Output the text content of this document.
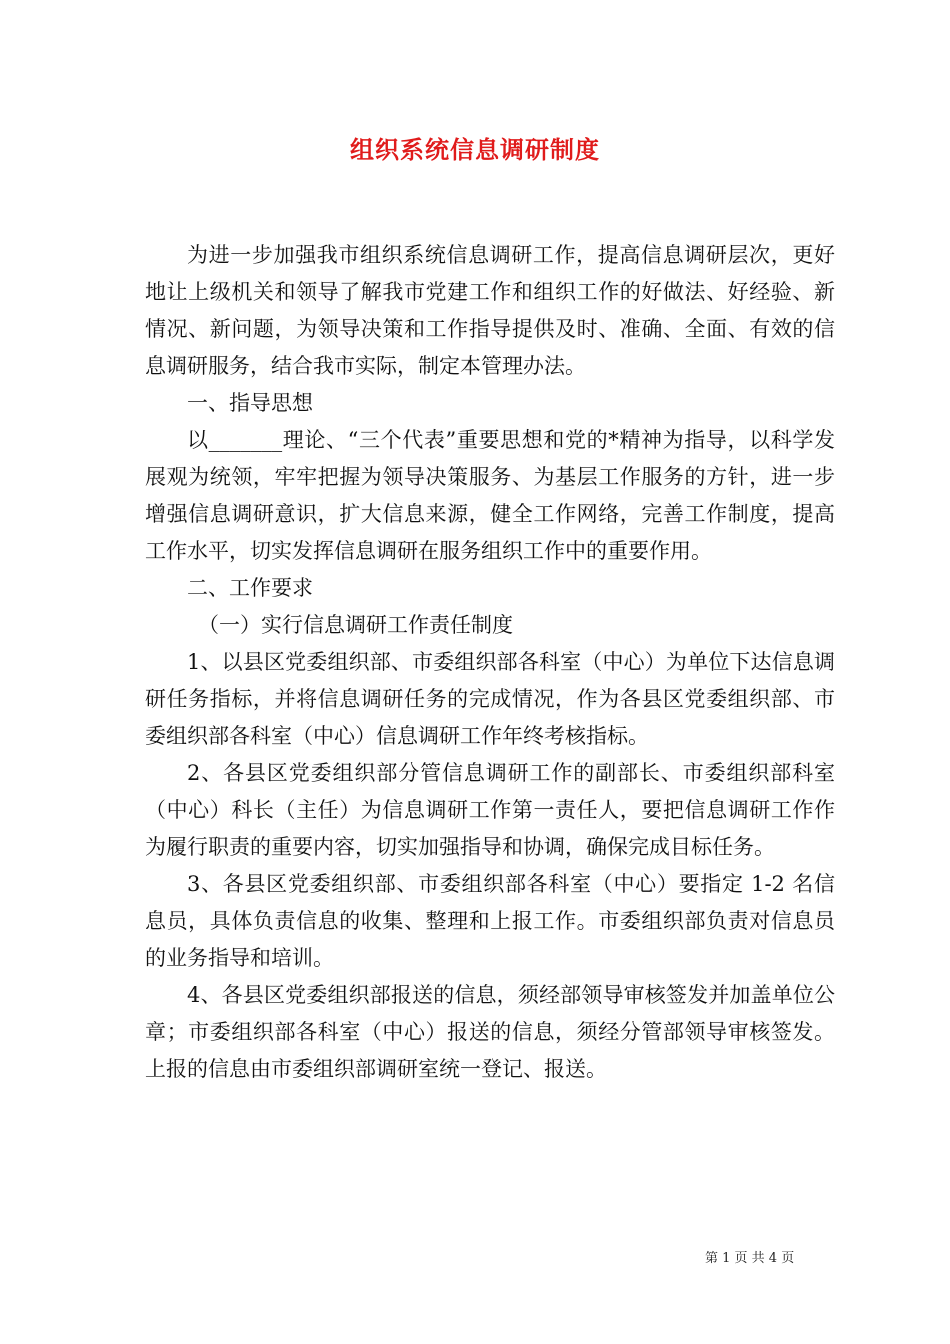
组织系统信息调研制度

为进一步加强我市组织系统信息调研工作，提高信息调研层次，更好地让上级机关和领导了解我市党建工作和组织工作的好做法、好经验、新情况、新问题，为领导决策和工作指导提供及时、准确、全面、有效的信息调研服务，结合我市实际，制定本管理办法。

一、指导思想

以_______理论、“三个代表”重要思想和党的*精神为指导，以科学发展观为统领，牢牢把握为领导决策服务、为基层工作服务的方针，进一步增强信息调研意识，扩大信息来源，健全工作网络，完善工作制度，提高工作水平，切实发挥信息调研在服务组织工作中的重要作用。

二、工作要求

（一）实行信息调研工作责任制度

1、以县区党委组织部、市委组织部各科室（中心）为单位下达信息调研任务指标，并将信息调研任务的完成情况，作为各县区党委组织部、市委组织部各科室（中心）信息调研工作年终考核指标。

2、各县区党委组织部分管信息调研工作的副部长、市委组织部科室（中心）科长（主任）为信息调研工作第一责任人，要把信息调研工作作为履行职责的重要内容，切实加强指导和协调，确保完成目标任务。

3、各县区党委组织部、市委组织部各科室（中心）要指定 1-2 名信息员，具体负责信息的收集、整理和上报工作。市委组织部负责对信息员的业务指导和培训。

4、各县区党委组织部报送的信息，须经部领导审核签发并加盖单位公章；市委组织部各科室（中心）报送的信息，须经分管部领导审核签发。上报的信息由市委组织部调研室统一登记、报送。

第 1 页 共 4 页
